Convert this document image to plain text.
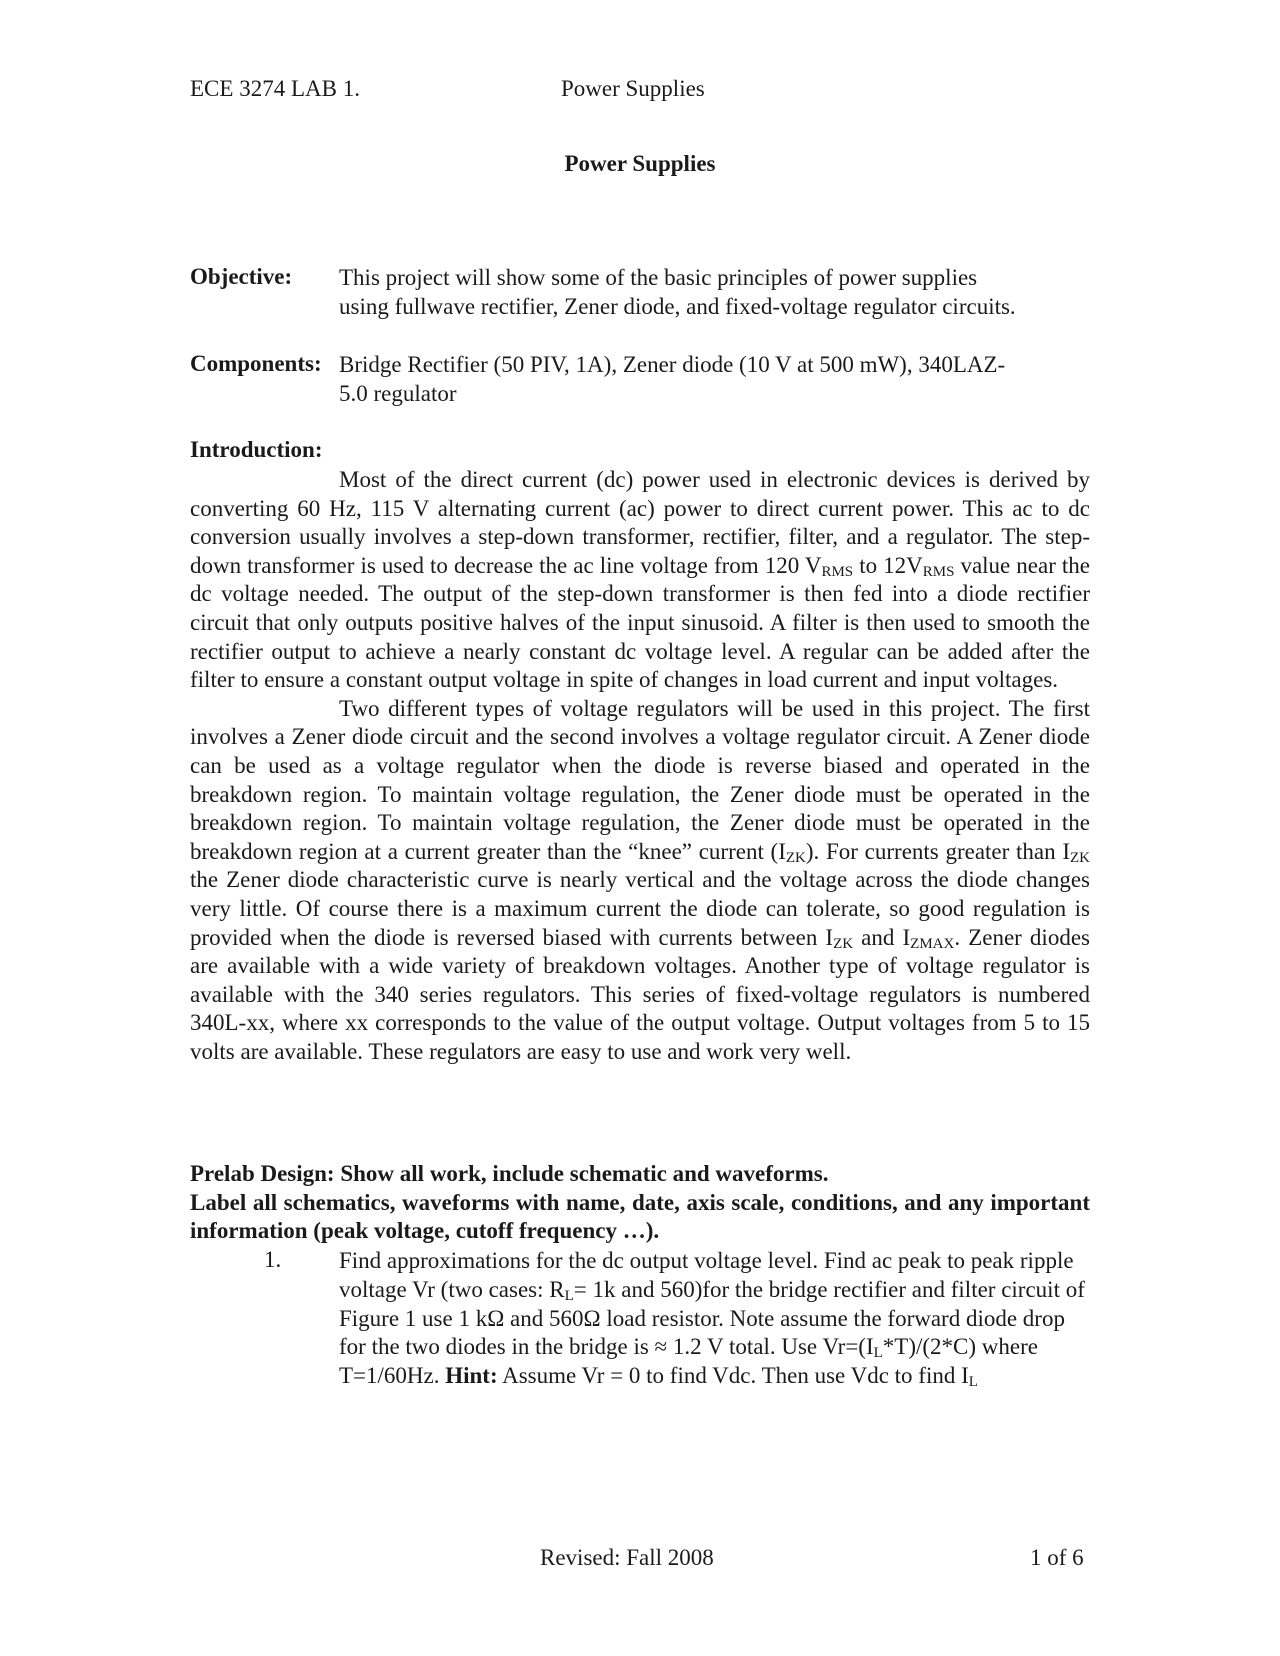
ECE 3274 LAB 1.	Power Supplies
Power Supplies
Objective: This project will show some of the basic principles of power supplies
using fullwave rectifier, Zener diode, and fixed-voltage regulator circuits.
Components: Bridge Rectifier (50 PIV, 1A), Zener diode (10 V at 500 mW), 340LAZ-
5.0 regulator
Introduction:

Most of the direct current (dc) power used in electronic devices is derived by converting 60 Hz, 115 V alternating current (ac) power to direct current power. This ac to dc conversion usually involves a step-down transformer, rectifier, filter, and a regulator. The step-down transformer is used to decrease the ac line voltage from 120 $V_{RMS}$ to $12V_{RMS}$ value near the dc voltage needed. The output of the step-down transformer is then fed into a diode rectifier circuit that only outputs positive halves of the input sinusoid. A filter is then used to smooth the rectifier output to achieve a nearly constant dc voltage level. A regular can be added after the filter to ensure a constant output voltage in spite of changes in load current and input voltages.

Two different types of voltage regulators will be used in this project. The first involves a Zener diode circuit and the second involves a voltage regulator circuit. A Zener diode can be used as a voltage regulator when the diode is reverse biased and operated in the breakdown region. To maintain voltage regulation, the Zener diode must be operated in the breakdown region. To maintain voltage regulation, the Zener diode must be operated in the breakdown region at a current greater than the “knee” current $(I_{ZK})$. For currents greater than $I_{ZK}$ the Zener diode characteristic curve is nearly vertical and the voltage across the diode changes very little. Of course there is a maximum current the diode can tolerate, so good regulation is provided when the diode is reversed biased with currents between $I_{ZK}$ and $I_{ZMAX}$. Zener diodes are available with a wide variety of breakdown voltages. Another type of voltage regulator is available with the 340 series regulators. This series of fixed-voltage regulators is numbered 340L-xx, where xx corresponds to the value of the output voltage. Output voltages from 5 to 15 volts are available. These regulators are easy to use and work very well.

Prelab Design: Show all work, include schematic and waveforms.
Label all schematics, waveforms with name, date, axis scale, conditions, and any important information (peak voltage, cutoff frequency …).
1.	Find approximations for the dc output voltage level. Find ac peak to peak ripple voltage Vr (two cases: $R_L= 1k$ and 560)for the bridge rectifier and filter circuit of Figure 1 use 1 kΩ and 560Ω load resistor. Note assume the forward diode drop for the two diodes in the bridge is ≈ 1.2 V total. Use $Vr=(I_L*T)/(2*C)$ where T=1/60Hz. Hint: Assume Vr = 0 to find Vdc. Then use Vdc to find $I_L$
Revised: Fall 2008	1 of 6
